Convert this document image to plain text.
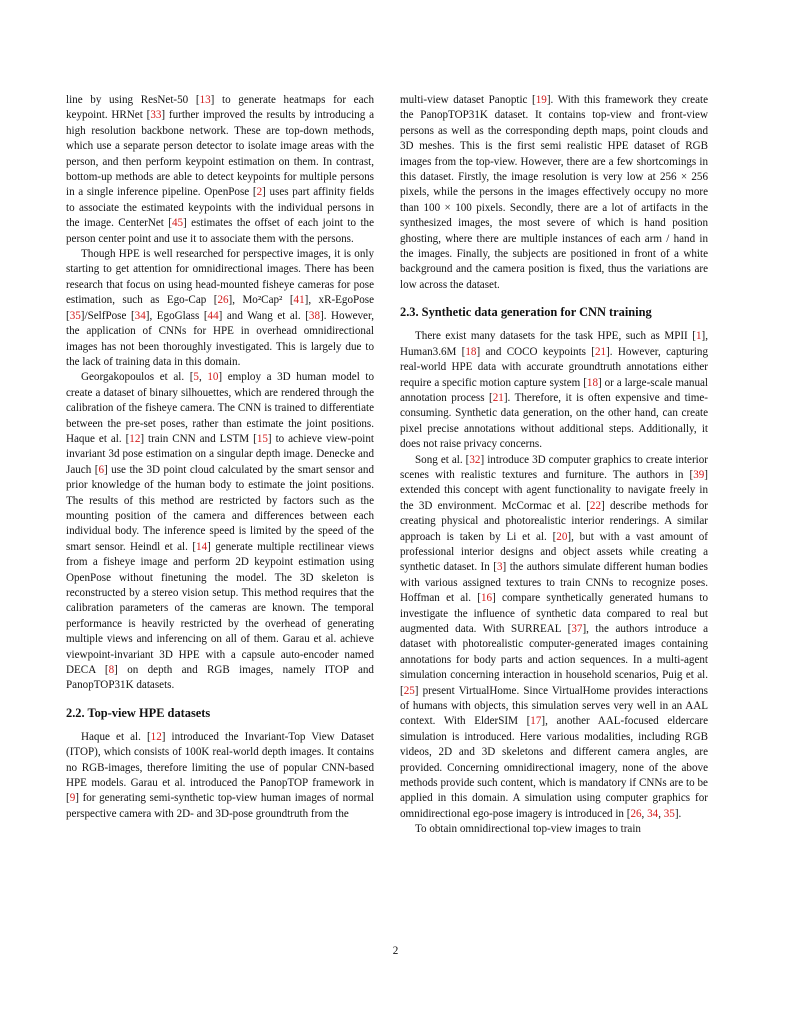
line by using ResNet-50 [13] to generate heatmaps for each keypoint. HRNet [33] further improved the results by introducing a high resolution backbone network. These are top-down methods, which use a separate person detector to isolate image areas with the person, and then perform keypoint estimation on them. In contrast, bottom-up methods are able to detect keypoints for multiple persons in a single inference pipeline. OpenPose [2] uses part affinity fields to associate the estimated keypoints with the individual persons in the image. CenterNet [45] estimates the offset of each joint to the person center point and use it to associate them with the persons.

Though HPE is well researched for perspective images, it is only starting to get attention for omnidirectional images. There has been research that focus on using head-mounted fisheye cameras for pose estimation, such as Ego-Cap [26], Mo²Cap² [41], xR-EgoPose [35]/SelfPose [34], EgoGlass [44] and Wang et al. [38]. However, the application of CNNs for HPE in overhead omnidirectional images has not been thoroughly investigated. This is largely due to the lack of training data in this domain.

Georgakopoulos et al. [5, 10] employ a 3D human model to create a dataset of binary silhouettes, which are rendered through the calibration of the fisheye camera. The CNN is trained to differentiate between the pre-set poses, rather than estimate the joint positions. Haque et al. [12] train CNN and LSTM [15] to achieve view-point invariant 3d pose estimation on a singular depth image. Denecke and Jauch [6] use the 3D point cloud calculated by the smart sensor and prior knowledge of the human body to estimate the joint positions. The results of this method are restricted by factors such as the mounting position of the camera and differences between each individual body. The inference speed is limited by the speed of the smart sensor. Heindl et al. [14] generate multiple rectilinear views from a fisheye image and perform 2D keypoint estimation using OpenPose without finetuning the model. The 3D skeleton is reconstructed by a stereo vision setup. This method requires that the calibration parameters of the cameras are known. The temporal performance is heavily restricted by the overhead of generating multiple views and inferencing on all of them. Garau et al. achieve viewpoint-invariant 3D HPE with a capsule auto-encoder named DECA [8] on depth and RGB images, namely ITOP and PanopTOP31K datasets.

2.2. Top-view HPE datasets

Haque et al. [12] introduced the Invariant-Top View Dataset (ITOP), which consists of 100K real-world depth images. It contains no RGB-images, therefore limiting the use of popular CNN-based HPE models. Garau et al. introduced the PanopTOP framework in [9] for generating semi-synthetic top-view human images of normal perspective camera with 2D- and 3D-pose groundtruth from the

multi-view dataset Panoptic [19]. With this framework they create the PanopTOP31K dataset. It contains top-view and front-view persons as well as the corresponding depth maps, point clouds and 3D meshes. This is the first semi realistic HPE dataset of RGB images from the top-view. However, there are a few shortcomings in this dataset. Firstly, the image resolution is very low at 256 × 256 pixels, while the persons in the images effectively occupy no more than 100 × 100 pixels. Secondly, there are a lot of artifacts in the synthesized images, the most severe of which is hand position ghosting, where there are multiple instances of each arm / hand in the images. Finally, the subjects are positioned in front of a white background and the camera position is fixed, thus the variations are low across the dataset.

2.3. Synthetic data generation for CNN training

There exist many datasets for the task HPE, such as MPII [1], Human3.6M [18] and COCO keypoints [21]. However, capturing real-world HPE data with accurate groundtruth annotations either require a specific motion capture system [18] or a large-scale manual annotation process [21]. Therefore, it is often expensive and time-consuming. Synthetic data generation, on the other hand, can create pixel precise annotations without additional steps. Additionally, it does not raise privacy concerns.

Song et al. [32] introduce 3D computer graphics to create interior scenes with realistic textures and furniture. The authors in [39] extended this concept with agent functionality to navigate freely in the 3D environment. McCormac et al. [22] describe methods for creating physical and photorealistic interior renderings. A similar approach is taken by Li et al. [20], but with a vast amount of professional interior designs and object assets while creating a synthetic dataset. In [3] the authors simulate different human bodies with various assigned textures to train CNNs to recognize poses. Hoffman et al. [16] compare synthetically generated humans to investigate the influence of synthetic data compared to real but augmented data. With SURREAL [37], the authors introduce a dataset with photorealistic computer-generated images containing annotations for body parts and action sequences. In a multi-agent simulation concerning interaction in household scenarios, Puig et al. [25] present VirtualHome. Since VirtualHome provides interactions of humans with objects, this simulation serves very well in an AAL context. With ElderSIM [17], another AAL-focused eldercare simulation is introduced. Here various modalities, including RGB videos, 2D and 3D skeletons and different camera angles, are provided. Concerning omnidirectional imagery, none of the above methods provide such content, which is mandatory if CNNs are to be applied in this domain. A simulation using computer graphics for omnidirectional ego-pose imagery is introduced in [26, 34, 35].

To obtain omnidirectional top-view images to train

2
